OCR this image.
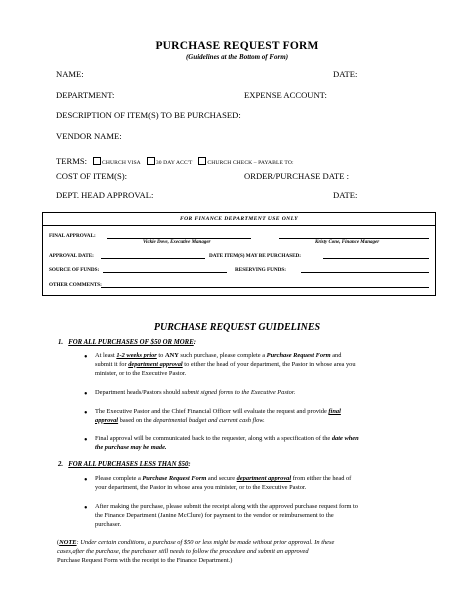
PURCHASE REQUEST FORM
(Guidelines at the Bottom of Form)
NAME:	DATE:
DEPARTMENT:	EXPENSE ACCOUNT:
DESCRIPTION OF ITEM(S) TO BE PURCHASED:
VENDOR NAME:
TERMS:	CHURCH VISA	30 DAY ACC'T	CHURCH CHECK – PAYABLE TO:
COST OF ITEM(S):	ORDER/PURCHASE DATE :
DEPT. HEAD APPROVAL:	DATE:
FOR FINANCE DEPARTMENT USE ONLY
FINAL APPROVAL:
Vickie Dove, Executive Manager	Kristy Cone, Finance Manager
APPROVAL DATE:	DATE ITEM(S) MAY BE PURCHASED:
SOURCE OF FUNDS:	RESERVING FUNDS:
OTHER COMMENTS:
PURCHASE REQUEST GUIDELINES
1. FOR ALL PURCHASES OF $50 OR MORE:
• At least 1-2 weeks prior to ANY such purchase, please complete a Purchase Request Form and
submit it for department approval to either the head of your department, the Pastor in whose area you
minister, or to the Executive Pastor.
• Department heads/Pastors should submit signed forms to the Executive Pastor.
• The Executive Pastor and the Chief Financial Officer will evaluate the request and provide final
approval based on the departmental budget and current cash flow.
• Final approval will be communicated back to the requester, along with a specification of the date when
the purchase may be made.
2. FOR ALL PURCHASES LESS THAN $50:
• Please complete a Purchase Request Form and secure department approval from either the head of
your department, the Pastor in whose area you minister, or to the Executive Pastor.
• After making the purchase, please submit the receipt along with the approved purchase request form to
the Finance Department (Janine McClure) for payment to the vendor or reimbursement to the
purchaser.
(NOTE: Under certain conditions, a purchase of $50 or less might be made without prior approval. In these
cases,after the purchase, the purchaser still needs to follow the procedure and submit an approved
Purchase Request Form with the receipt to the Finance Department.)
